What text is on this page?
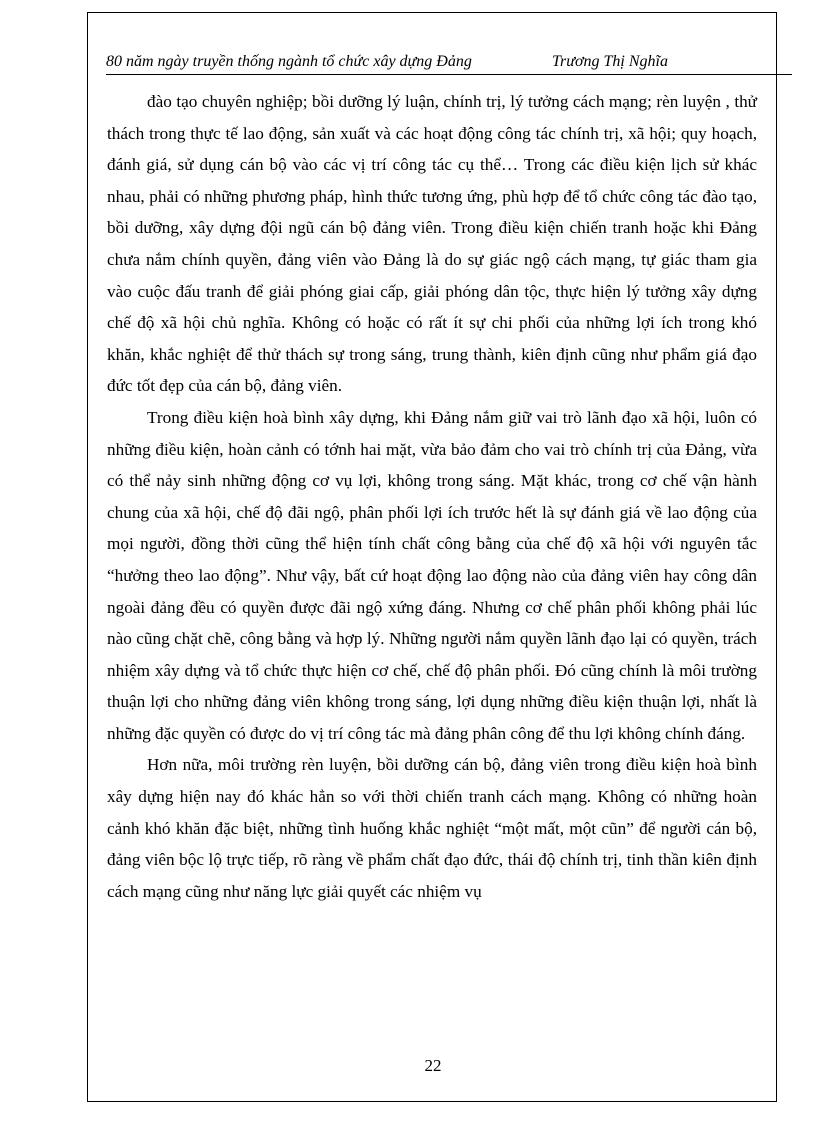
80 năm ngày truyền thống ngành tổ chức xây dựng Đảng	Trương Thị Nghĩa

đào tạo chuyên nghiệp; bồi dưỡng lý luận, chính trị, lý tưởng cách mạng; rèn luyện , thử thách trong thực tế lao động, sản xuất và các hoạt động công tác chính trị, xã hội; quy hoạch, đánh giá, sử dụng cán bộ vào các vị trí công tác cụ thể… Trong các điều kiện lịch sử khác nhau, phải có những phương pháp, hình thức tương ứng, phù hợp để tổ chức công tác đào tạo, bồi dưỡng, xây dựng đội ngũ cán bộ đảng viên. Trong điều kiện chiến tranh hoặc khi Đảng chưa nắm chính quyền, đảng viên vào Đảng là do sự giác ngộ cách mạng, tự giác tham gia vào cuộc đấu tranh để giải phóng giai cấp, giải phóng dân tộc, thực hiện lý tưởng xây dựng chế độ xã hội chủ nghĩa. Không có hoặc có rất ít sự chi phối của những lợi ích trong khó khăn, khắc nghiệt để thử thách sự trong sáng, trung thành, kiên định cũng như phẩm giá đạo đức tốt đẹp của cán bộ, đảng viên.

Trong điều kiện hoà bình xây dựng, khi Đảng nắm giữ vai trò lãnh đạo xã hội, luôn có những điều kiện, hoàn cảnh có tớnh hai mặt, vừa bảo đảm cho vai trò chính trị của Đảng, vừa có thể nảy sinh những động cơ vụ lợi, không trong sáng. Mặt khác, trong cơ chế vận hành chung của xã hội, chế độ đãi ngộ, phân phối lợi ích trước hết là sự đánh giá về lao động của mọi người, đồng thời cũng thể hiện tính chất công bằng của chế độ xã hội với nguyên tắc “hưởng theo lao động”. Như vậy, bất cứ hoạt động lao động nào của đảng viên hay công dân ngoài đảng đều có quyền được đãi ngộ xứng đáng. Nhưng cơ chế phân phối không phải lúc nào cũng chặt chẽ, công bằng và hợp lý. Những người nắm quyền lãnh đạo lại có quyền, trách nhiệm xây dựng và tổ chức thực hiện cơ chế, chế độ phân phối. Đó cũng chính là môi trường thuận lợi cho những đảng viên không trong sáng, lợi dụng những điều kiện thuận lợi, nhất là những đặc quyền có được do vị trí công tác mà đảng phân công để thu lợi không chính đáng.

Hơn nữa, môi trường rèn luyện, bồi dưỡng cán bộ, đảng viên trong điều kiện hoà bình xây dựng hiện nay đó khác hẳn so với thời chiến tranh cách mạng. Không có những hoàn cảnh khó khăn đặc biệt, những tình huống khắc nghiệt “một mất, một cũn” để người cán bộ, đảng viên bộc lộ trực tiếp, rõ ràng về phẩm chất đạo đức, thái độ chính trị, tinh thần kiên định cách mạng cũng như năng lực giải quyết các nhiệm vụ

22
